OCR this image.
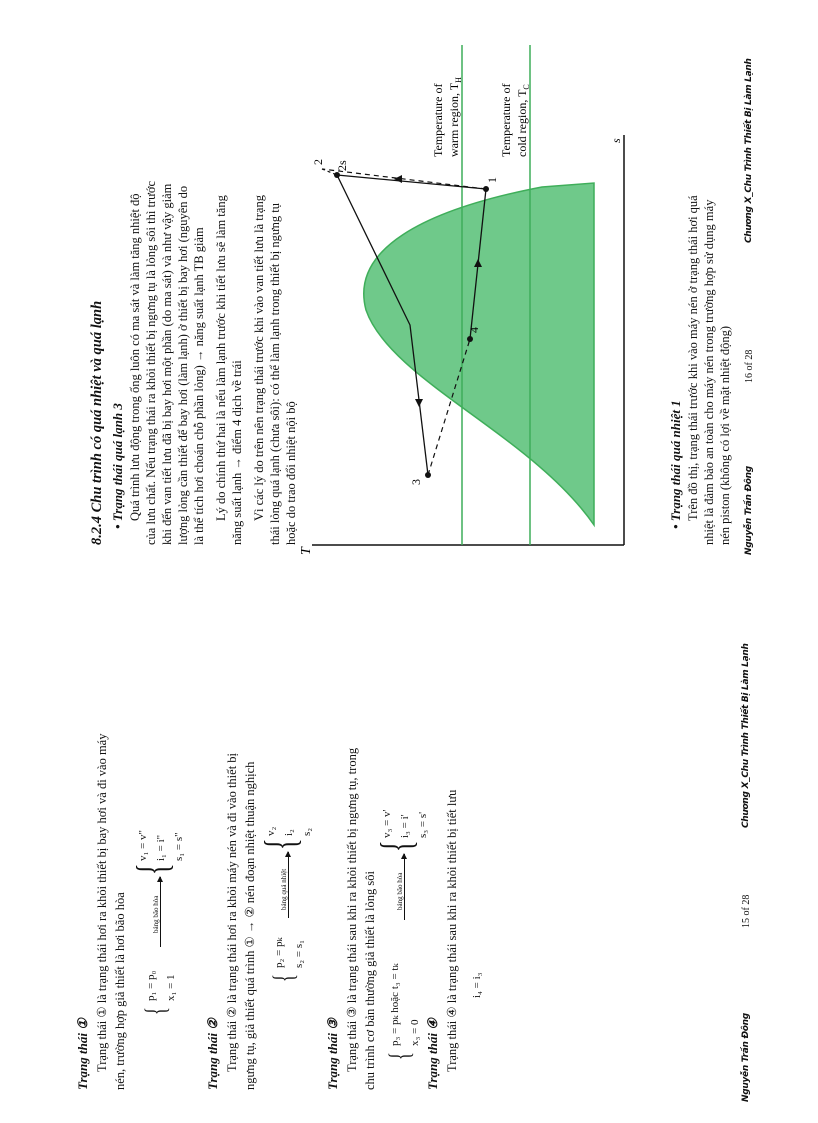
Trạng thái ① Trạng thái ① là trạng thái hơi ra khỏi thiết bị bay hơi và đi vào máy nén, trường hợp giả thiết là hơi bão hòa {
p₁ = p₀ x₁ = 1
bảng bão hòa
{
v₁ = v" i₁ = i" s₁ = s"
Trạng thái ② Trạng thái ② là trạng thái hơi ra khỏi máy nén và đi vào thiết bị ngưng tụ, giả thiết quá trình ① → ② nén đoạn nhiệt thuận nghịch {
p₂ = pₖ s₂ = s₁
bảng quá nhiệt
{
v₂ i₂ s₂
Trạng thái ③ Trạng thái ③ là trạng thái sau khi ra khỏi thiết bị ngưng tụ, trong chu trình cơ bản thường giả thiết là lỏng sôi {
p₃ = pₖ hoặc t₃ = tₖ x₃ = 0
bảng bão hòa
{
v₃ = v' i₃ = i' s₃ = s'
Trạng thái ④ Trạng thái ④ là trạng thái sau khi ra khỏi thiết bị tiết lưu i₄ = i₃
Nguyễn Trần Đông
15 of 28
Chương X_Chu Trình Thiết Bị Làm Lạnh
8.2.4 Chu trình có quá nhiệt và quá lạnh • Trạng thái quá lạnh 3 Quá trình lưu động trong ống luôn có ma sát và làm tăng nhiệt độ của lưu chất. Nếu trạng thái ra khỏi thiết bị ngưng tụ là lỏng sôi thì trước khi đến van tiết lưu đã bị bay hơi một phần (do ma sát) và như vậy giảm lượng lỏng cần thiết để bay hơi (làm lạnh) ở thiết bị bay hơi (nguyên do là thể tích hơi choán chỗ phần lỏng) → năng suất lạnh TB giảm Lý do chính thứ hai là nếu làm lạnh trước khi tiết lưu sẽ làm tăng năng suất lạnh → điểm 4 dịch về trái Vì các lý do trên nên trạng thái trước khi vào van tiết lưu là trạng thái lỏng quá lạnh (chưa sôi): có thể làm lạnh trong thiết bị ngưng tụ hoặc do trao đổi nhiệt nội bộ
T
s
1
2 2s
3
4
Temperature of warm region, $T_H$
Temperature of cold region, $T_C$
• Trạng thái quá nhiệt 1 Trên đồ thị, trạng thái trước khi vào máy nén ở trạng thái hơi quá nhiệt là đảm bảo an toàn cho máy nén trong trường hợp sử dụng máy nén piston (không có lợi về mặt nhiệt động) Nguyễn Trần Đông
16 of 28
Chương X_Chu Trình Thiết Bị Làm Lạnh
